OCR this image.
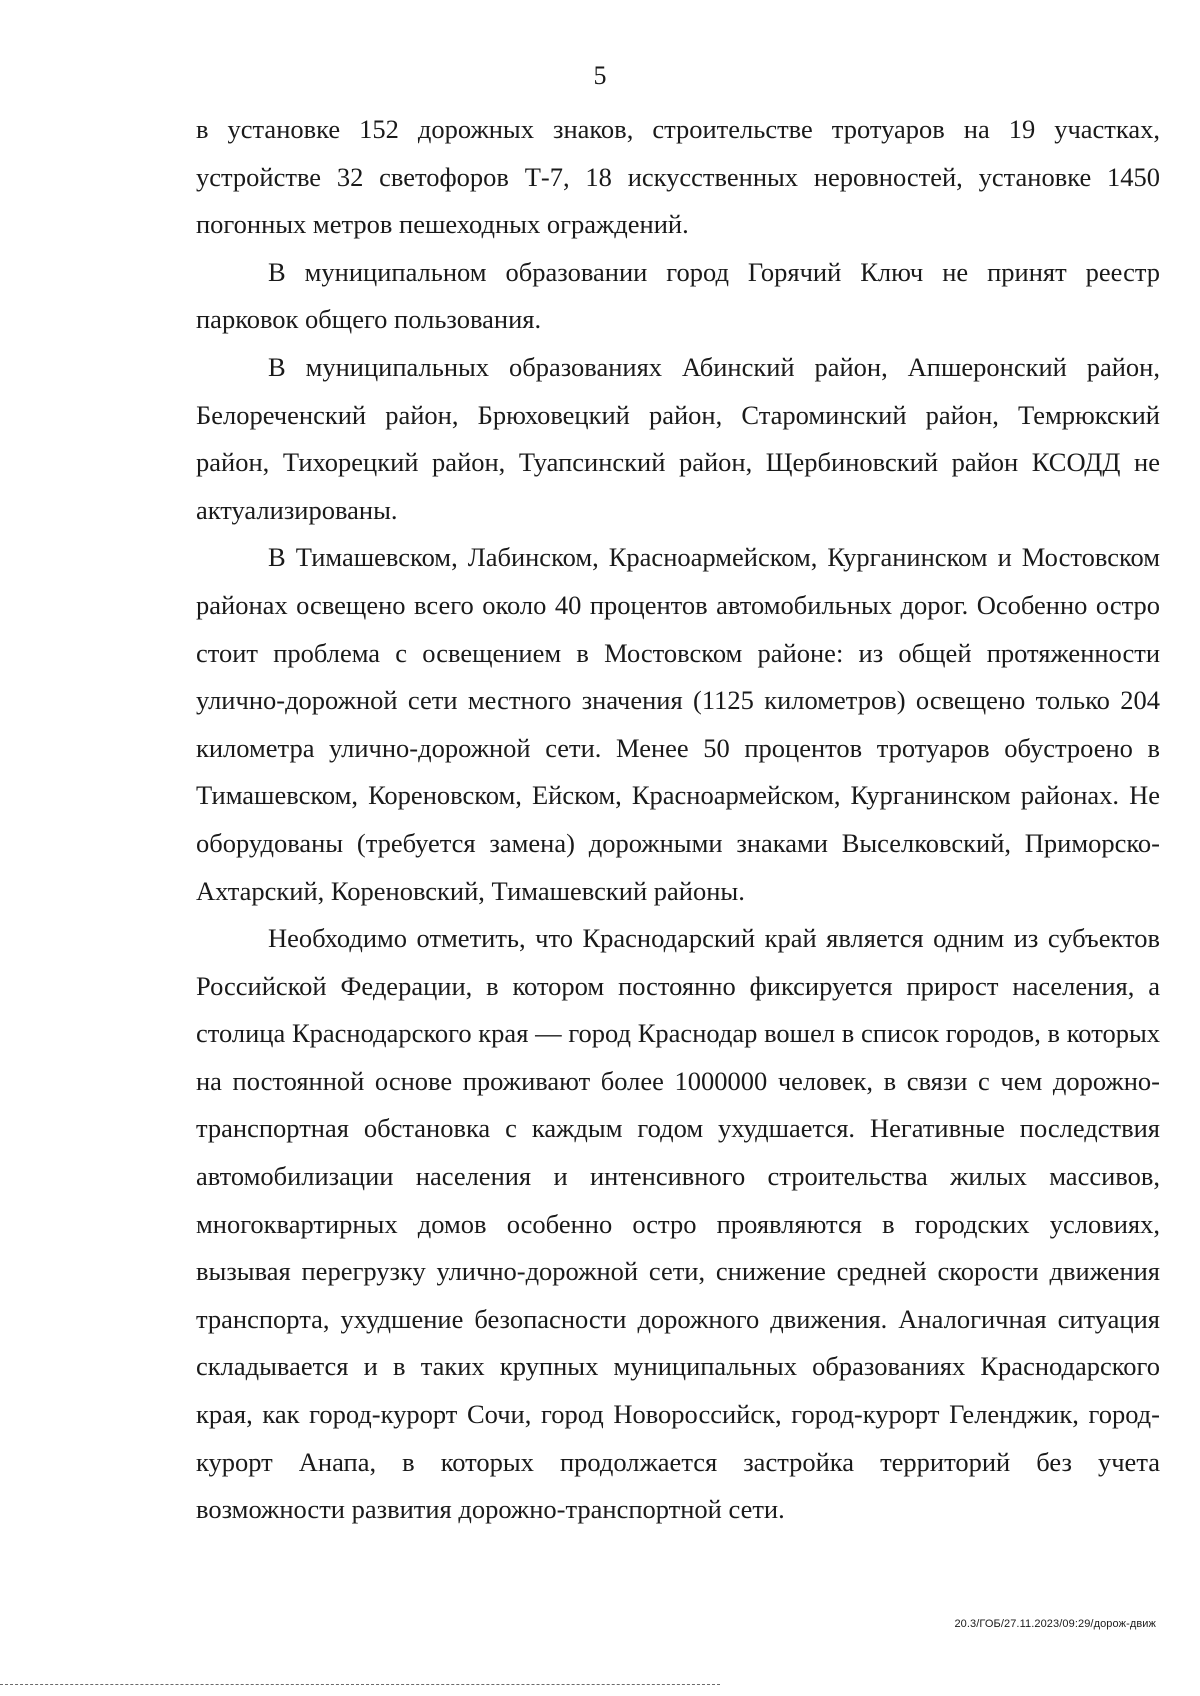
5

в установке 152 дорожных знаков, строительстве тротуаров на 19 участках, устройстве 32 светофоров Т-7, 18 искусственных неровностей, установке 1450 погонных метров пешеходных ограждений.

В муниципальном образовании город Горячий Ключ не принят реестр парковок общего пользования.

В муниципальных образованиях Абинский район, Апшеронский район, Белореченский район, Брюховецкий район, Староминский район, Темрюкский район, Тихорецкий район, Туапсинский район, Щербиновский район КСОДД не актуализированы.

В Тимашевском, Лабинском, Красноармейском, Курганинском и Мостовском районах освещено всего около 40 процентов автомобильных дорог. Особенно остро стоит проблема с освещением в Мостовском районе: из общей протяженности улично-дорожной сети местного значения (1125 километров) освещено только 204 километра улично-дорожной сети. Менее 50 процентов тротуаров обустроено в Тимашевском, Кореновском, Ейском, Красноармейском, Курганинском районах. Не оборудованы (требуется замена) дорожными знаками Выселковский, Приморско-Ахтарский, Кореновский, Тимашевский районы.

Необходимо отметить, что Краснодарский край является одним из субъектов Российской Федерации, в котором постоянно фиксируется прирост населения, а столица Краснодарского края — город Краснодар вошел в список городов, в которых на постоянной основе проживают более 1000000 человек, в связи с чем дорожно-транспортная обстановка с каждым годом ухудшается. Негативные последствия автомобилизации населения и интенсивного строительства жилых массивов, многоквартирных домов особенно остро проявляются в городских условиях, вызывая перегрузку улично-дорожной сети, снижение средней скорости движения транспорта, ухудшение безопасности дорожного движения. Аналогичная ситуация складывается и в таких крупных муниципальных образованиях Краснодарского края, как город-курорт Сочи, город Новороссийск, город-курорт Геленджик, город-курорт Анапа, в которых продолжается застройка территорий без учета возможности развития дорожно-транспортной сети.

20.3/ГОБ/27.11.2023/09:29/дорож-движ
